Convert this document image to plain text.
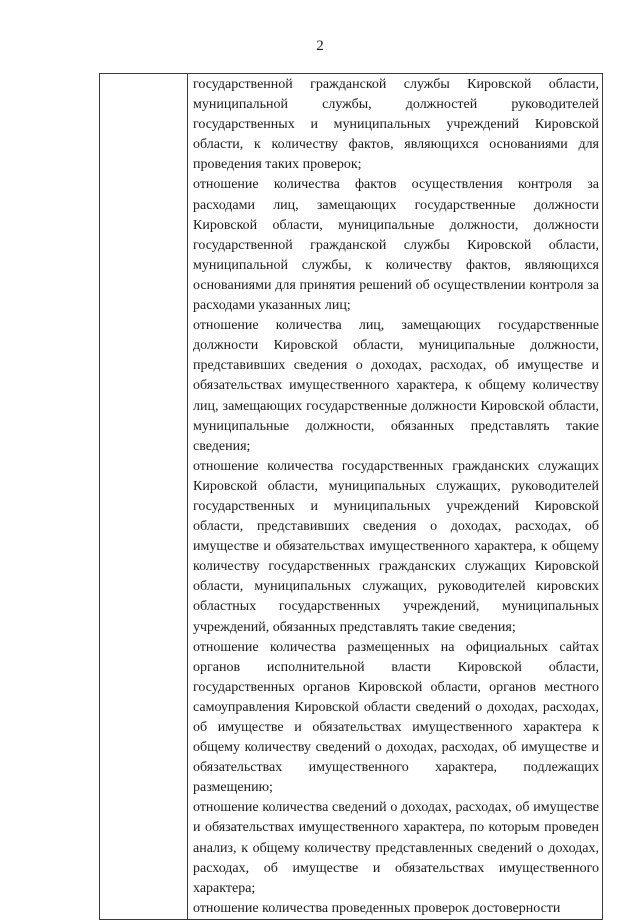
2

государственной гражданской службы Кировской области, муниципальной службы, должностей руководителей государственных и муниципальных учреждений Кировской области, к количеству фактов, являющихся основаниями для проведения таких проверок;

отношение количества фактов осуществления контроля за расходами лиц, замещающих государственные должности Кировской области, муниципальные должности, должности государственной гражданской службы Кировской области, муниципальной службы, к количеству фактов, являющихся основаниями для принятия решений об осуществлении контроля за расходами указанных лиц;

отношение количества лиц, замещающих государственные должности Кировской области, муниципальные должности, представивших сведения о доходах, расходах, об имуществе и обязательствах имущественного характера, к общему количеству лиц, замещающих государственные должности Кировской области, муниципальные должности, обязанных представлять такие сведения;

отношение количества государственных гражданских служащих Кировской области, муниципальных служащих, руководителей государственных и муниципальных учреждений Кировской области, представивших сведения о доходах, расходах, об имуществе и обязательствах имущественного характера, к общему количеству государственных гражданских служащих Кировской области, муниципальных служащих, руководителей кировских областных государственных учреждений, муниципальных учреждений, обязанных представлять такие сведения;

отношение количества размещенных на официальных сайтах органов исполнительной власти Кировской области, государственных органов Кировской области, органов местного самоуправления Кировской области сведений о доходах, расходах, об имуществе и обязательствах имущественного характера к общему количеству сведений о доходах, расходах, об имуществе и обязательствах имущественного характера, подлежащих размещению;

отношение количества сведений о доходах, расходах, об имуществе и обязательствах имущественного характера, по которым проведен анализ, к общему количеству представленных сведений о доходах, расходах, об имуществе и обязательствах имущественного характера;

отношение количества проведенных проверок достоверности
